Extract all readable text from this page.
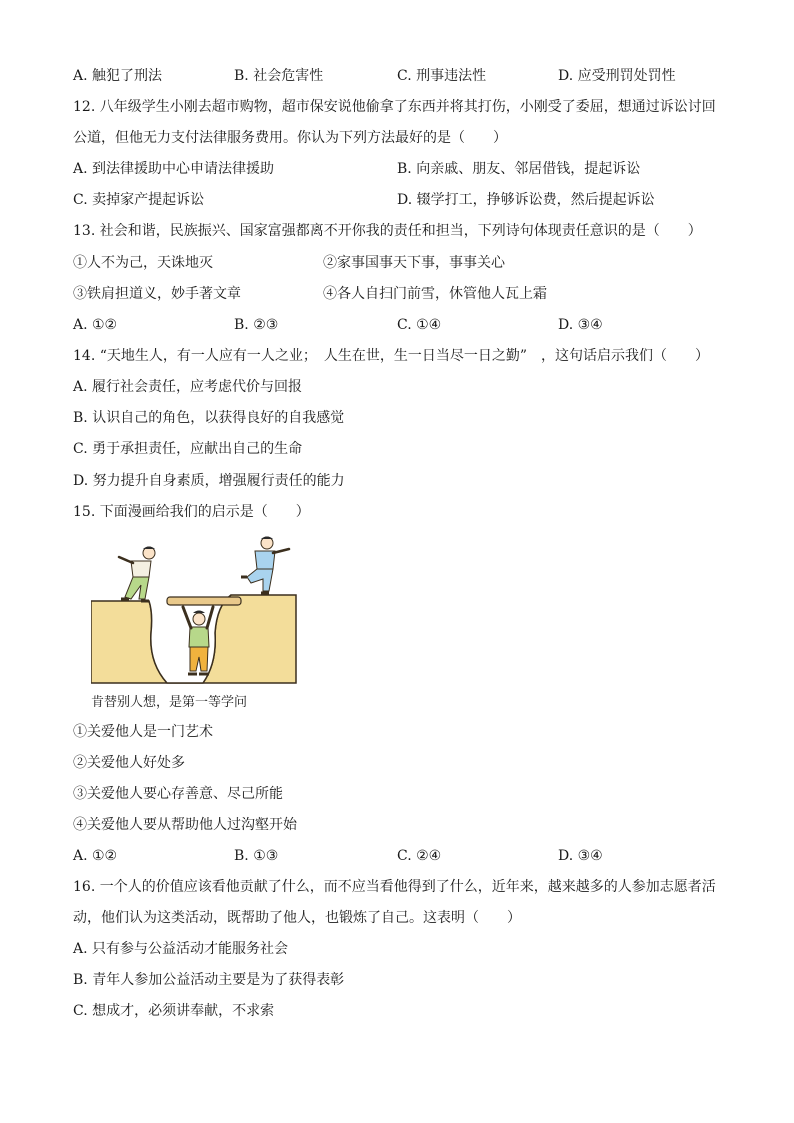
A. 触犯了刑法	B. 社会危害性	C. 刑事违法性	D. 应受刑罚处罚性
12. 八年级学生小刚去超市购物，超市保安说他偷拿了东西并将其打伤，小刚受了委屈，想通过诉讼讨回
公道，但他无力支付法律服务费用。你认为下列方法最好的是（　　）
A. 到法律援助中心申请法律援助	B. 向亲戚、朋友、邻居借钱，提起诉讼
C. 卖掉家产提起诉讼	D. 辍学打工，挣够诉讼费，然后提起诉讼
13. 社会和谐，民族振兴、国家富强都离不开你我的责任和担当，下列诗句体现责任意识的是（　　）
①人不为己，天诛地灭	②家事国事天下事，事事关心
③铁肩担道义，妙手著文章	④各人自扫门前雪，休管他人瓦上霜
A. ①②	B. ②③	C. ①④	D. ③④
14. “天地生人，有一人应有一人之业；　人生在世，生一日当尽一日之勤”　，这句话启示我们（　　）
A. 履行社会责任，应考虑代价与回报
B. 认识自己的角色，以获得良好的自我感觉
C. 勇于承担责任，应献出自己的生命
D. 努力提升自身素质，增强履行责任的能力
15. 下面漫画给我们的启示是（　　）
肯替别人想，是第一等学问
①关爱他人是一门艺术
②关爱他人好处多
③关爱他人要心存善意、尽己所能
④关爱他人要从帮助他人过沟壑开始
A. ①②	B. ①③	C. ②④	D. ③④
16. 一个人的价值应该看他贡献了什么，而不应当看他得到了什么，近年来，越来越多的人参加志愿者活
动，他们认为这类活动，既帮助了他人，也锻炼了自己。这表明（　　）
A. 只有参与公益活动才能服务社会
B. 青年人参加公益活动主要是为了获得表彰
C. 想成才，必须讲奉献，不求索
